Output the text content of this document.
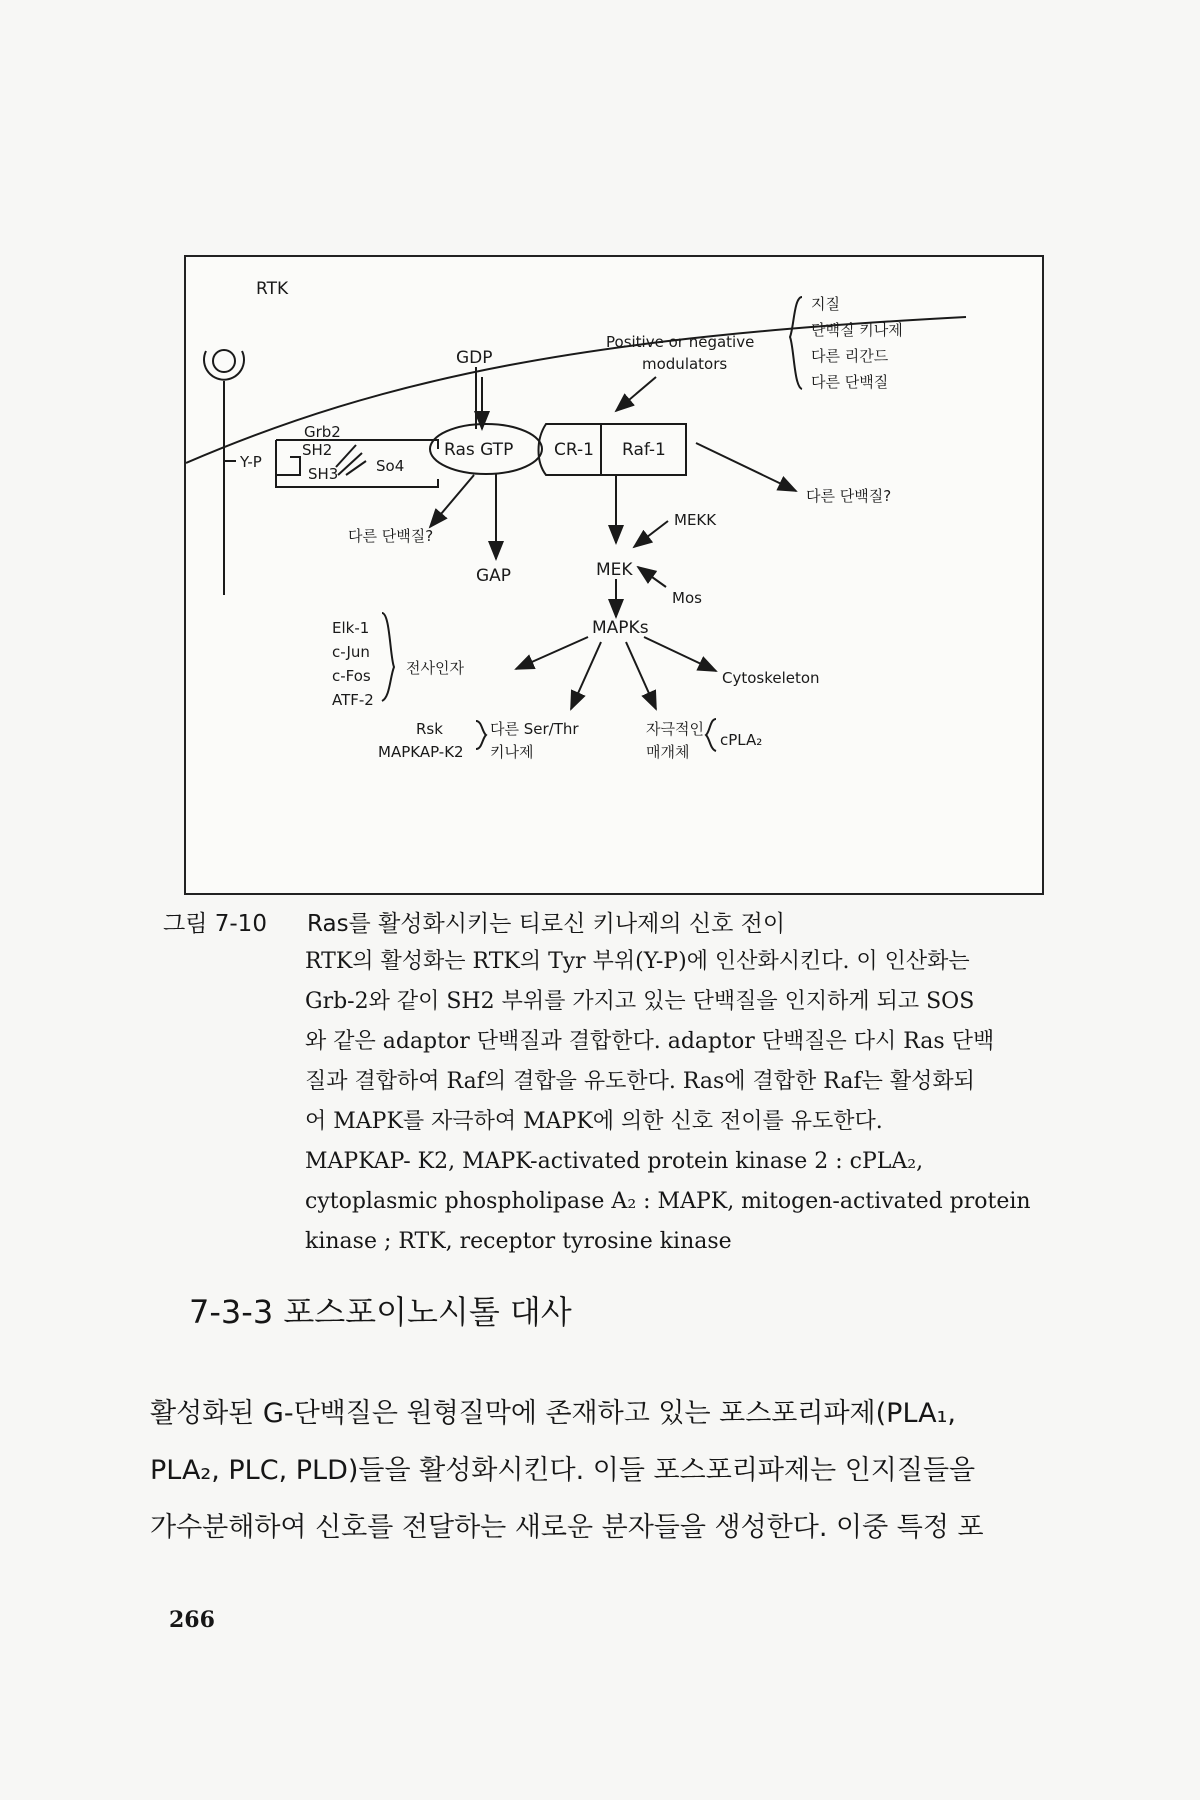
RTK
Y-P
Grb2
SH2
SH3	So4
GDP
Ras GTP CR-1 Raf-1
Positive or negative
modulators
지질
단백질 키나제
다른 리간드
다른 단백질
다른 단백질?
다른 단백질?
GAP	MEK
MEKK
Mos
MAPKs
Elk-1
c-Jun
c-Fos
ATF-2
전사인자
Cytoskeleton
Rsk
MAPKAP-K2
다른 Ser/Thr
키나제
자극적인
매개체
cPLA₂
그림 7-10 Ras를 활성화시키는 티로신 키나제의 신호 전이
RTK의 활성화는 RTK의 Tyr 부위(Y-P)에 인산화시킨다. 이 인산화는
Grb-2와 같이 SH2 부위를 가지고 있는 단백질을 인지하게 되고 SOS
와 같은 adaptor 단백질과 결합한다. adaptor 단백질은 다시 Ras 단백
질과 결합하여 Raf의 결합을 유도한다. Ras에 결합한 Raf는 활성화되
어 MAPK를 자극하여 MAPK에 의한 신호 전이를 유도한다.
MAPKAP- K2, MAPK-activated protein kinase 2 : cPLA₂,
cytoplasmic phospholipase A₂ : MAPK, mitogen-activated protein
kinase ; RTK, receptor tyrosine kinase
7-3-3 포스포이노시톨 대사
활성화된 G-단백질은 원형질막에 존재하고 있는 포스포리파제(PLA₁,
PLA₂, PLC, PLD)들을 활성화시킨다. 이들 포스포리파제는 인지질들을
가수분해하여 신호를 전달하는 새로운 분자들을 생성한다. 이중 특정 포
266
